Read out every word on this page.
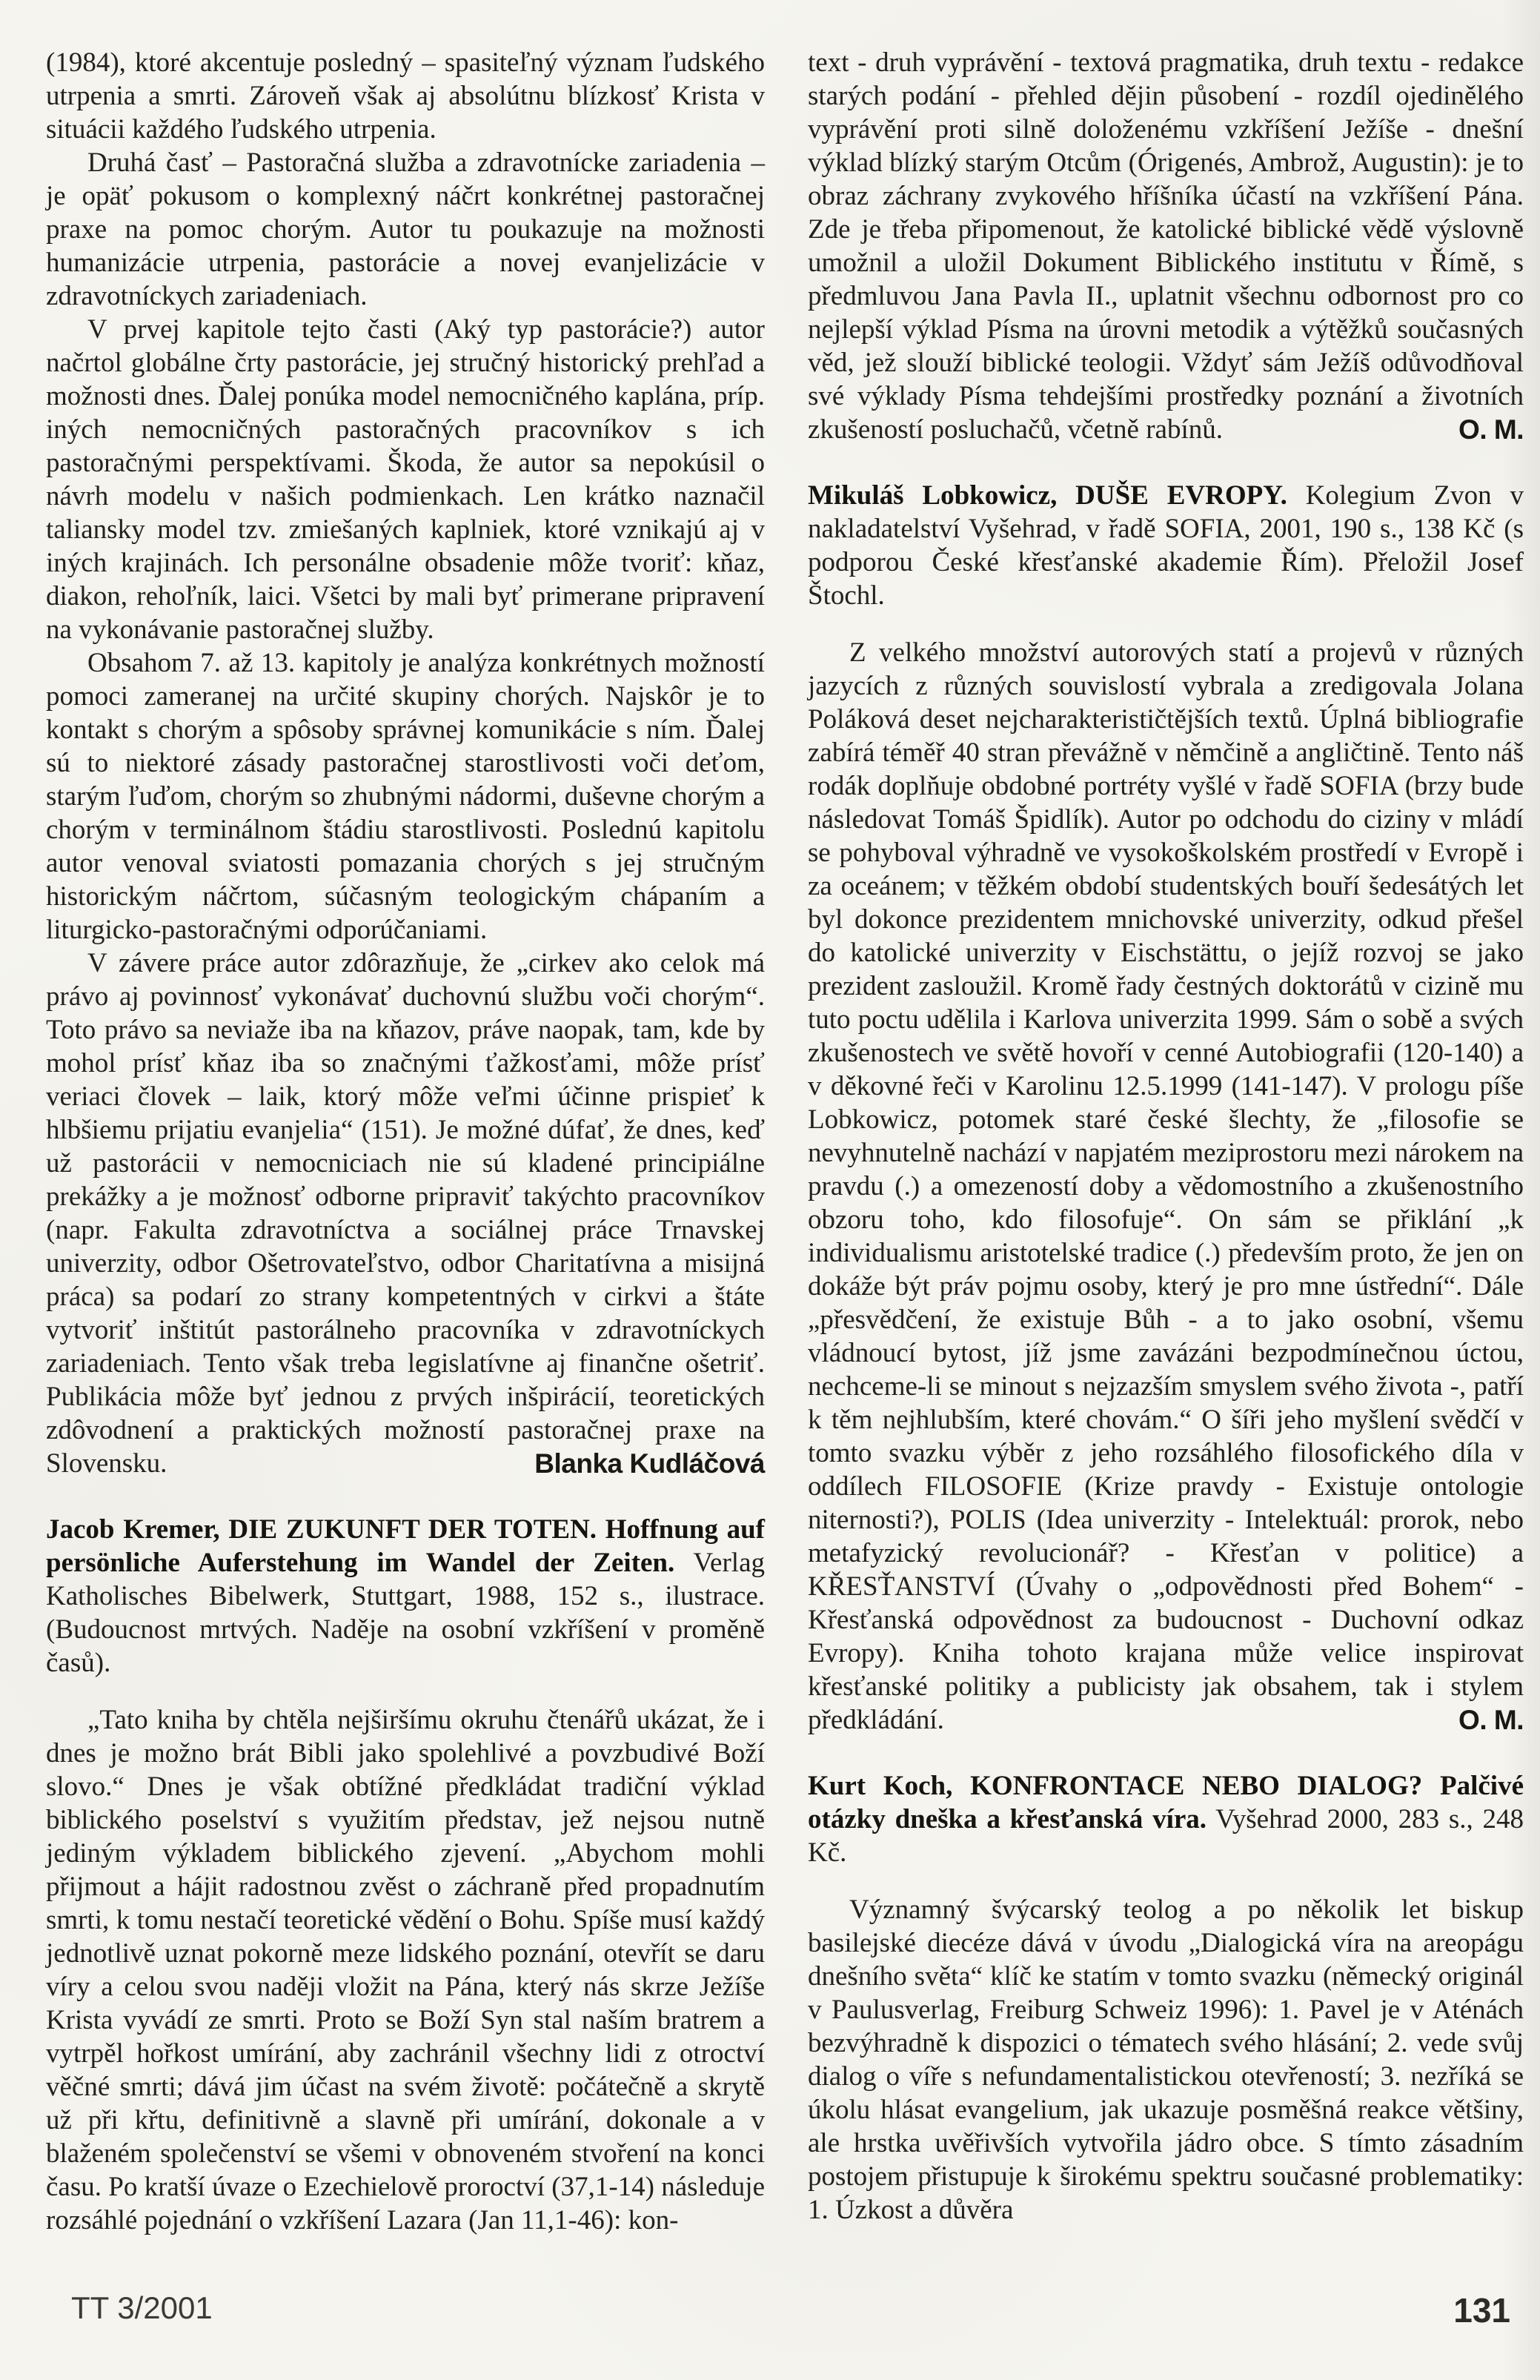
(1984), ktoré akcentuje posledný – spasiteľný význam ľudského utrpenia a smrti. Zároveň však aj absolútnu blízkosť Krista v situácii každého ľudského utrpenia.

Druhá časť – Pastoračná služba a zdravotnícke zariadenia – je opäť pokusom o komplexný náčrt konkrétnej pastoračnej praxe na pomoc chorým. Autor tu poukazuje na možnosti humanizácie utrpenia, pastorácie a novej evanjelizácie v zdravotníckych zariadeniach.

V prvej kapitole tejto časti (Aký typ pastorácie?) autor načrtol globálne črty pastorácie, jej stručný historický prehľad a možnosti dnes. Ďalej ponúka model nemocničného kaplána, príp. iných nemocničných pastoračných pracovníkov s ich pastoračnými perspektívami. Škoda, že autor sa nepokúsil o návrh modelu v našich podmienkach. Len krátko naznačil taliansky model tzv. zmiešaných kaplniek, ktoré vznikajú aj v iných krajinách. Ich personálne obsadenie môže tvoriť: kňaz, diakon, rehoľník, laici. Všetci by mali byť primerane pripravení na vykonávanie pastoračnej služby.

Obsahom 7. až 13. kapitoly je analýza konkrétnych možností pomoci zameranej na určité skupiny chorých. Najskôr je to kontakt s chorým a spôsoby správnej komunikácie s ním. Ďalej sú to niektoré zásady pastoračnej starostlivosti voči deťom, starým ľuďom, chorým so zhubnými nádormi, duševne chorým a chorým v terminálnom štádiu starostlivosti. Poslednú kapitolu autor venoval sviatosti pomazania chorých s jej stručným historickým náčrtom, súčasným teologickým chápaním a liturgicko-pastoračnými odporúčaniami.

V závere práce autor zdôrazňuje, že „cirkev ako celok má právo aj povinnosť vykonávať duchovnú službu voči chorým“. Toto právo sa neviaže iba na kňazov, práve naopak, tam, kde by mohol prísť kňaz iba so značnými ťažkosťami, môže prísť veriaci človek – laik, ktorý môže veľmi účinne prispieť k hlbšiemu prijatiu evanjelia“ (151). Je možné dúfať, že dnes, keď už pastorácii v nemocniciach nie sú kladené principiálne prekážky a je možnosť odborne pripraviť takýchto pracovníkov (napr. Fakulta zdravotníctva a sociálnej práce Trnavskej univerzity, odbor Ošetrovateľstvo, odbor Charitatívna a misijná práca) sa podarí zo strany kompetentných v cirkvi a štáte vytvoriť inštitút pastorálneho pracovníka v zdravotníckych zariadeniach. Tento však treba legislatívne aj finančne ošetriť. Publikácia môže byť jednou z prvých inšpirácií, teoretických zdôvodnení a praktických možností pastoračnej praxe na Slovensku.	Blanka Kudláčová

Jacob Kremer, DIE ZUKUNFT DER TOTEN. Hoffnung auf persönliche Auferstehung im Wandel der Zeiten. Verlag Katholisches Bibelwerk, Stuttgart, 1988, 152 s., ilustrace. (Budoucnost mrtvých. Naděje na osobní vzkříšení v proměně časů).

„Tato kniha by chtěla nejširšímu okruhu čtenářů ukázat, že i dnes je možno brát Bibli jako spolehlivé a povzbudivé Boží slovo.“ Dnes je však obtížné předkládat tradiční výklad biblického poselství s využitím představ, jež nejsou nutně jediným výkladem biblického zjevení. „Abychom mohli přijmout a hájit radostnou zvěst o záchraně před propadnutím smrti, k tomu nestačí teoretické vědění o Bohu. Spíše musí každý jednotlivě uznat pokorně meze lidského poznání, otevřít se daru víry a celou svou naději vložit na Pána, který nás skrze Ježíše Krista vyvádí ze smrti. Proto se Boží Syn stal naším bratrem a vytrpěl hořkost umírání, aby zachránil všechny lidi z otroctví věčné smrti; dává jim účast na svém životě: počátečně a skrytě už při křtu, definitivně a slavně při umírání, dokonale a v blaženém společenství se všemi v obnoveném stvoření na konci času. Po kratší úvaze o Ezechielově proroctví (37,1-14) následuje rozsáhlé pojednání o vzkříšení Lazara (Jan 11,1-46): kon-

text - druh vyprávění - textová pragmatika, druh textu - redakce starých podání - přehled dějin působení - rozdíl ojedinělého vyprávění proti silně doloženému vzkříšení Ježíše - dnešní výklad blízký starým Otcům (Órigenés, Ambrož, Augustin): je to obraz záchrany zvykového hříšníka účastí na vzkříšení Pána. Zde je třeba připomenout, že katolické biblické vědě výslovně umožnil a uložil Dokument Biblického institutu v Římě, s předmluvou Jana Pavla II., uplatnit všechnu odbornost pro co nejlepší výklad Písma na úrovni metodik a výtěžků současných věd, jež slouží biblické teologii. Vždyť sám Ježíš odůvodňoval své výklady Písma tehdejšími prostředky poznání a životních zkušeností posluchačů, včetně rabínů.	O. M.

Mikuláš Lobkowicz, DUŠE EVROPY. Kolegium Zvon v nakladatelství Vyšehrad, v řadě SOFIA, 2001, 190 s., 138 Kč (s podporou České křesťanské akademie Řím). Přeložil Josef Štochl.

Z velkého množství autorových statí a projevů v různých jazycích z různých souvislostí vybrala a zredigovala Jolana Poláková deset nejcharakterističtějších textů. Úplná bibliografie zabírá téměř 40 stran převážně v němčině a angličtině. Tento náš rodák doplňuje obdobné portréty vyšlé v řadě SOFIA (brzy bude následovat Tomáš Špidlík). Autor po odchodu do ciziny v mládí se pohyboval výhradně ve vysokoškolském prostředí v Evropě i za oceánem; v těžkém období studentských bouří šedesátých let byl dokonce prezidentem mnichovské univerzity, odkud přešel do katolické univerzity v Eischstättu, o jejíž rozvoj se jako prezident zasloužil. Kromě řady čestných doktorátů v cizině mu tuto poctu udělila i Karlova univerzita 1999. Sám o sobě a svých zkušenostech ve světě hovoří v cenné Autobiografii (120-140) a v děkovné řeči v Karolinu 12.5.1999 (141-147). V prologu píše Lobkowicz, potomek staré české šlechty, že „filosofie se nevyhnutelně nachází v napjatém meziprostoru mezi nárokem na pravdu (.) a omezeností doby a vědomostního a zkušenostního obzoru toho, kdo filosofuje“. On sám se přiklání „k individualismu aristotelské tradice (.) především proto, že jen on dokáže být práv pojmu osoby, který je pro mne ústřední“. Dále „přesvědčení, že existuje Bůh - a to jako osobní, všemu vládnoucí bytost, jíž jsme zavázáni bezpodmínečnou úctou, nechceme-li se minout s nejzazším smyslem svého života -, patří k těm nejhlubším, které chovám.“ O šíři jeho myšlení svědčí v tomto svazku výběr z jeho rozsáhlého filosofického díla v oddílech FILOSOFIE (Krize pravdy - Existuje ontologie niternosti?), POLIS (Idea univerzity - Intelektuál: prorok, nebo metafyzický revolucionář? - Křesťan v politice) a KŘESŤANSTVÍ (Úvahy o „odpovědnosti před Bohem“ - Křesťanská odpovědnost za budoucnost - Duchovní odkaz Evropy). Kniha tohoto krajana může velice inspirovat křesťanské politiky a publicisty jak obsahem, tak i stylem předkládání.	O. M.

Kurt Koch, KONFRONTACE NEBO DIALOG? Palčivé otázky dneška a křesťanská víra. Vyšehrad 2000, 283 s., 248 Kč.

Významný švýcarský teolog a po několik let biskup basilejské diecéze dává v úvodu „Dialogická víra na areopágu dnešního světa“ klíč ke statím v tomto svazku (německý originál v Paulusverlag, Freiburg Schweiz 1996): 1. Pavel je v Aténách bezvýhradně k dispozici o tématech svého hlásání; 2. vede svůj dialog o víře s nefundamentalistickou otevřeností; 3. nezříká se úkolu hlásat evangelium, jak ukazuje posměšná reakce většiny, ale hrstka uvěřivších vytvořila jádro obce. S tímto zásadním postojem přistupuje k širokému spektru současné problematiky: 1. Úzkost a důvěra

TT 3/2001	131
